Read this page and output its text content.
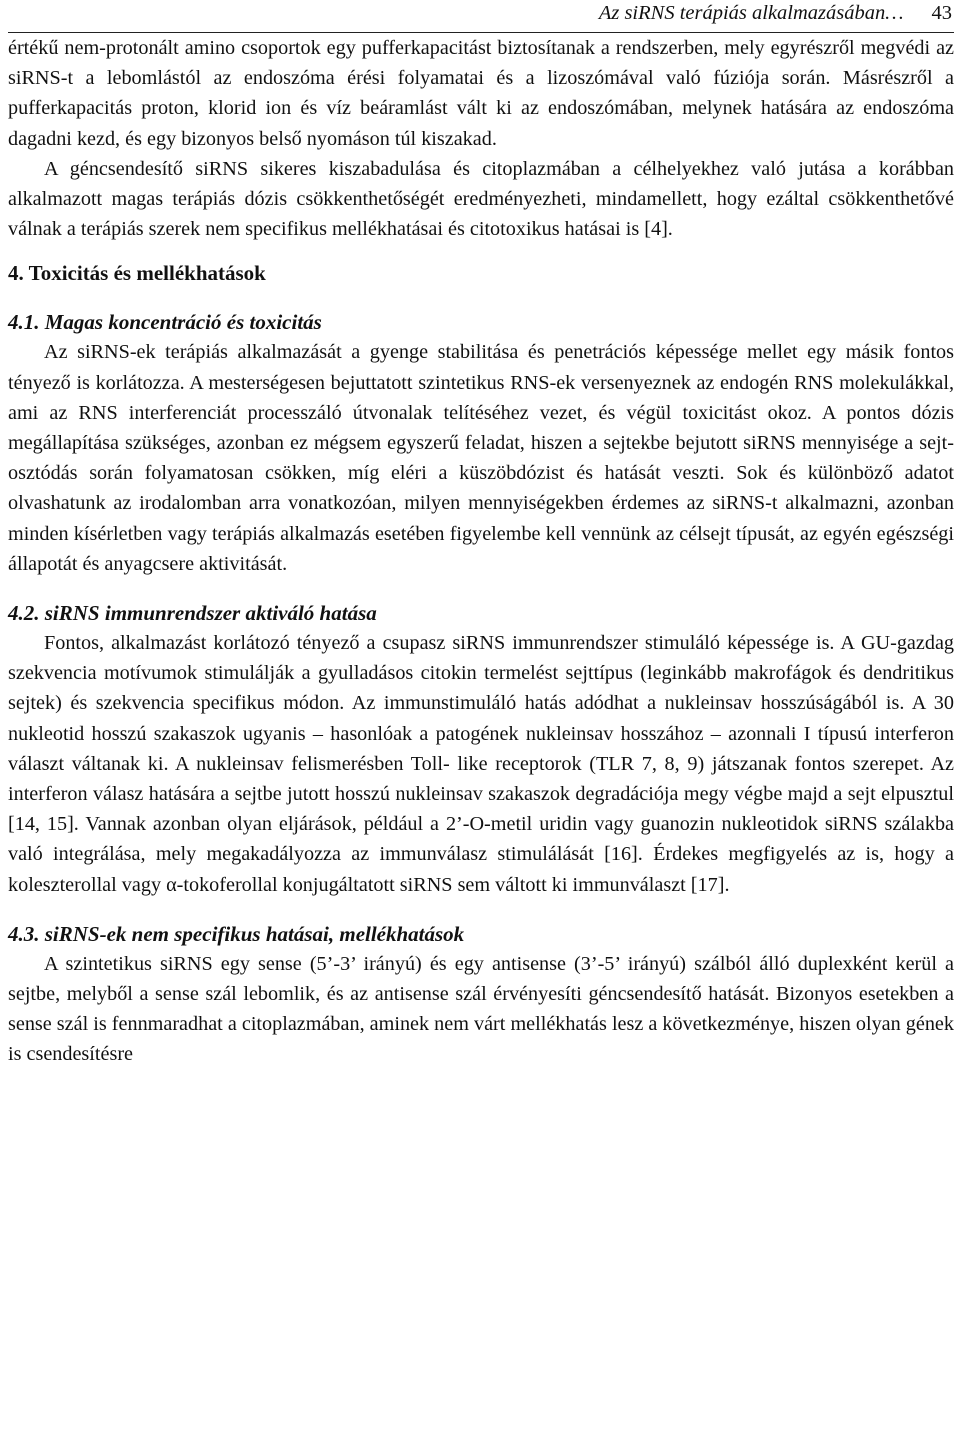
Az siRNS terápiás alkalmazásában… 43

értékű nem-protonált amino csoportok egy pufferkapacitást biztosítanak a rendszerben, mely egyrészről megvédi az siRNS-t a lebomlástól az endoszóma érési folyamatai és a lizoszómával való fúziója során. Másrészről a pufferkapacitás proton, klorid ion és víz beáramlást vált ki az endoszómában, melynek hatására az endoszóma dagadni kezd, és egy bizonyos belső nyomáson túl kiszakad.

A géncsendesítő siRNS sikeres kiszabadulása és citoplazmában a célhelyekhez való jutása a korábban alkalmazott magas terápiás dózis csökkenthetőségét eredményezheti, mindamellett, hogy ezáltal csökkenthetővé válnak a terápiás szerek nem specifikus mellékhatásai és citotoxikus hatásai is [4].

4. Toxicitás és mellékhatások
4.1. Magas koncentráció és toxicitás

Az siRNS-ek terápiás alkalmazását a gyenge stabilitása és penetrációs képessége mellet egy másik fontos tényező is korlátozza. A mesterségesen bejuttatott szintetikus RNS-ek versenyeznek az endogén RNS molekulákkal, ami az RNS interferenciát processzáló útvonalak telítéséhez vezet, és végül toxicitást okoz. A pontos dózis megállapítása szükséges, azonban ez mégsem egyszerű feladat, hiszen a sejtekbe bejutott siRNS mennyisége a sejtosztódás során folyamatosan csökken, míg eléri a küszöbdózist és hatását veszti. Sok és különböző adatot olvashatunk az irodalomban arra vonatkozóan, milyen mennyiségekben érdemes az siRNS-t alkalmazni, azonban minden kísérletben vagy terápiás alkalmazás esetében figyelembe kell vennünk az célsejt típusát, az egyén egészségi állapotát és anyagcsere aktivitását.

4.2. siRNS immunrendszer aktiváló hatása

Fontos, alkalmazást korlátozó tényező a csupasz siRNS immunrendszer stimuláló képessége is. A GU-gazdag szekvencia motívumok stimulálják a gyulladásos citokin termelést sejttípus (leginkább makrofágok és dendritikus sejtek) és szekvencia specifikus módon. Az immunstimuláló hatás adódhat a nukleinsav hosszúságából is. A 30 nukleotid hosszú szakaszok ugyanis – hasonlóak a patogének nukleinsav hosszához – azonnali I típusú interferon választ váltanak ki. A nukleinsav felismerésben Toll- like receptorok (TLR 7, 8, 9) játszanak fontos szerepet. Az interferon válasz hatására a sejtbe jutott hosszú nukleinsav szakaszok degradációja megy végbe majd a sejt elpusztul [14, 15]. Vannak azonban olyan eljárások, például a 2’-O-metil uridin vagy guanozin nukleotidok siRNS szálakba való integrálása, mely megakadályozza az immunválasz stimulálását [16]. Érdekes megfigyelés az is, hogy a koleszterollal vagy α-tokoferollal konjugáltatott siRNS sem váltott ki immunválaszt [17].

4.3. siRNS-ek nem specifikus hatásai, mellékhatások

A szintetikus siRNS egy sense (5’-3’ irányú) és egy antisense (3’-5’ irányú) szálból álló duplexként kerül a sejtbe, melyből a sense szál lebomlik, és az antisense szál érvényesíti géncsendesítő hatását. Bizonyos esetekben a sense szál is fennmaradhat a citoplazmában, aminek nem várt mellékhatás lesz a következménye, hiszen olyan gének is csendesítésre
